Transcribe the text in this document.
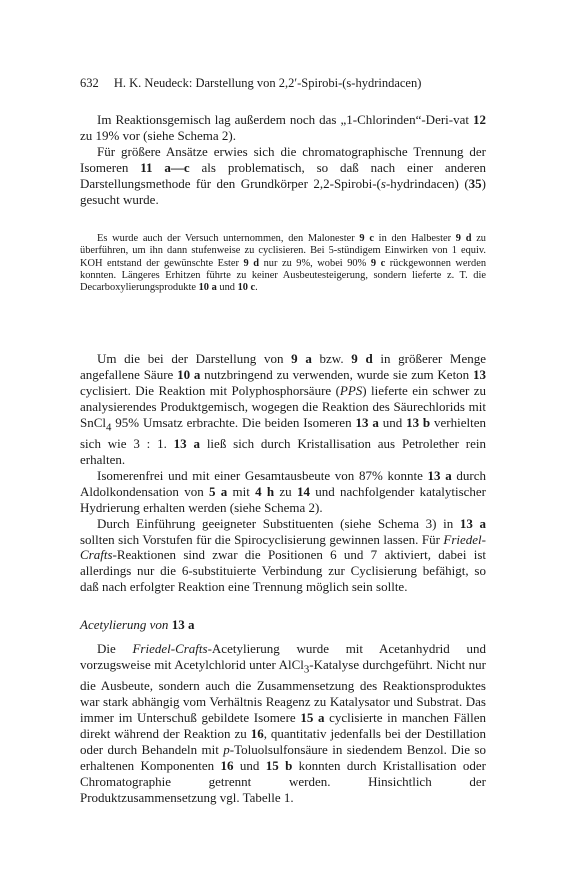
632 H. K. Neudeck: Darstellung von 2,2′-Spirobi-(s-hydrindacen)

Im Reaktionsgemisch lag außerdem noch das „1-Chlorinden“-Deri-vat 12 zu 19% vor (siehe Schema 2).

Für größere Ansätze erwies sich die chromatographische Trennung der Isomeren 11 a—c als problematisch, so daß nach einer anderen Darstellungsmethode für den Grundkörper 2,2-Spirobi-(s-hydrindacen) (35) gesucht wurde.

Es wurde auch der Versuch unternommen, den Malonester 9 c in den Halbester 9 d zu überführen, um ihn dann stufenweise zu cyclisieren. Bei 5-stündigem Einwirken von 1 equiv. KOH entstand der gewünschte Ester 9 d nur zu 9%, wobei 90% 9 c rückgewonnen werden konnten. Längeres Erhitzen führte zu keiner Ausbeutesteigerung, sondern lieferte z. T. die Decarboxylierungsprodukte 10 a und 10 c.

Um die bei der Darstellung von 9 a bzw. 9 d in größerer Menge angefallene Säure 10 a nutzbringend zu verwenden, wurde sie zum Keton 13 cyclisiert. Die Reaktion mit Polyphosphorsäure (PPS) lieferte ein schwer zu analysierendes Produktgemisch, wogegen die Reaktion des Säurechlorids mit SnCl$_4$ 95% Umsatz erbrachte. Die beiden Isomeren 13 a und 13 b verhielten sich wie 3 : 1. 13 a ließ sich durch Kristallisation aus Petrolether rein erhalten.

Isomerenfrei und mit einer Gesamtausbeute von 87% konnte 13 a durch Aldolkondensation von 5 a mit 4 h zu 14 und nachfolgender katalytischer Hydrierung erhalten werden (siehe Schema 2).

Durch Einführung geeigneter Substituenten (siehe Schema 3) in 13 a sollten sich Vorstufen für die Spirocyclisierung gewinnen lassen. Für Friedel-Crafts-Reaktionen sind zwar die Positionen 6 und 7 aktiviert, dabei ist allerdings nur die 6-substituierte Verbindung zur Cyclisierung befähigt, so daß nach erfolgter Reaktion eine Trennung möglich sein sollte.

Acetylierung von 13 a

Die Friedel-Crafts-Acetylierung wurde mit Acetanhydrid und vorzugsweise mit Acetylchlorid unter AlCl$_3$-Katalyse durchgeführt. Nicht nur die Ausbeute, sondern auch die Zusammensetzung des Reaktionsproduktes war stark abhängig vom Verhältnis Reagenz zu Katalysator und Substrat. Das immer im Unterschuß gebildete Isomere 15 a cyclisierte in manchen Fällen direkt während der Reaktion zu 16, quantitativ jedenfalls bei der Destillation oder durch Behandeln mit p-Toluolsulfonsäure in siedendem Benzol. Die so erhaltenen Komponenten 16 und 15 b konnten durch Kristallisation oder Chromatographie getrennt werden. Hinsichtlich der Produktzusammensetzung vgl. Tabelle 1.
